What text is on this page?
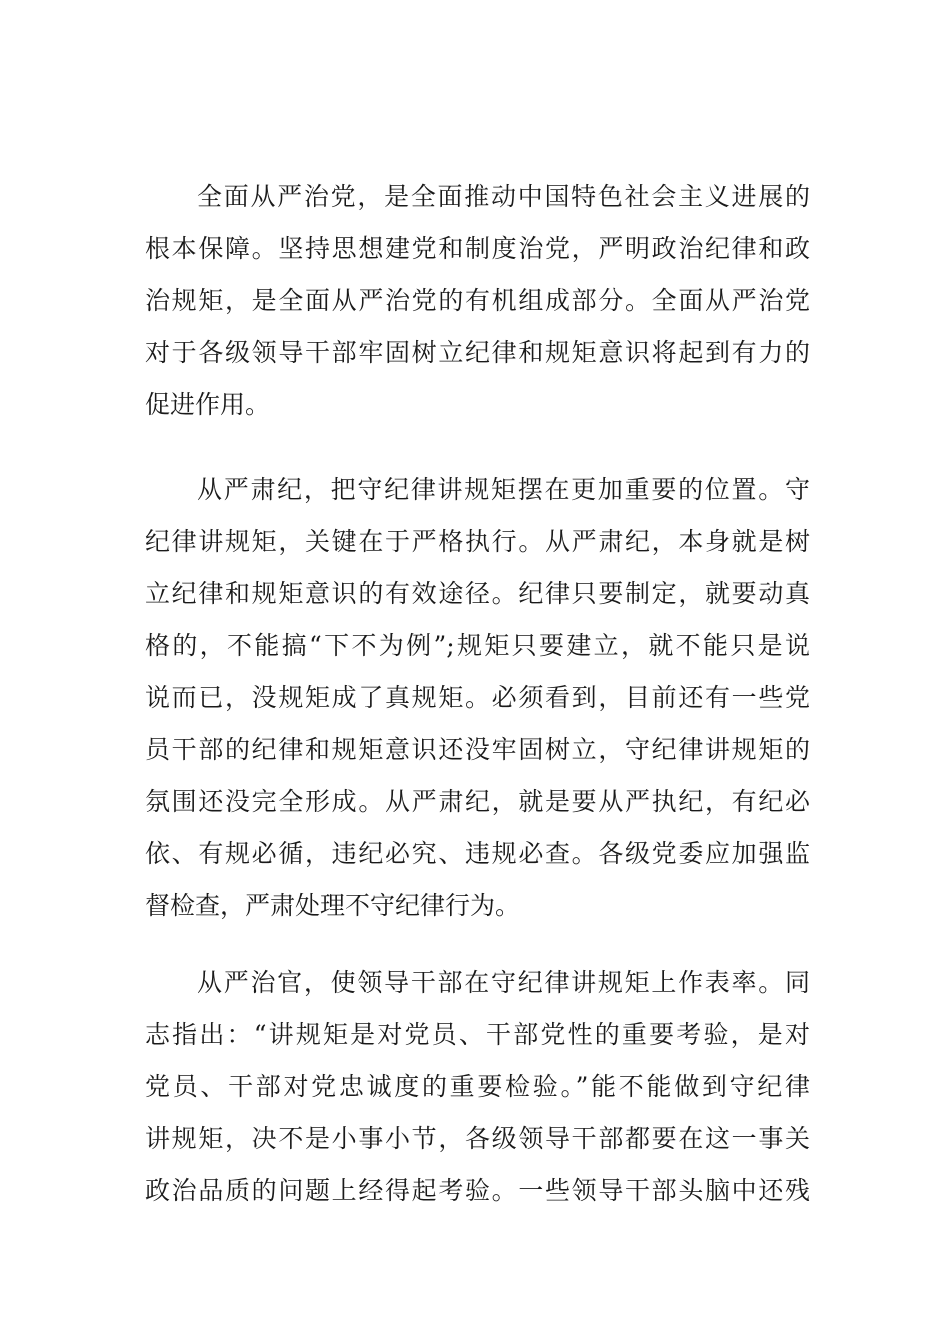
全面从严治党，是全面推动中国特色社会主义进展的
根本保障。坚持思想建党和制度治党，严明政治纪律和政
治规矩，是全面从严治党的有机组成部分。全面从严治党
对于各级领导干部牢固树立纪律和规矩意识将起到有力的
促进作用。
从严肃纪，把守纪律讲规矩摆在更加重要的位置。守
纪律讲规矩，关键在于严格执行。从严肃纪，本身就是树
立纪律和规矩意识的有效途径。纪律只要制定，就要动真
格的，不能搞“下不为例”;规矩只要建立，就不能只是说
说而已，没规矩成了真规矩。必须看到，目前还有一些党
员干部的纪律和规矩意识还没牢固树立，守纪律讲规矩的
氛围还没完全形成。从严肃纪，就是要从严执纪，有纪必
依、有规必循，违纪必究、违规必查。各级党委应加强监
督检查，严肃处理不守纪律行为。
从严治官，使领导干部在守纪律讲规矩上作表率。同
志指出：“讲规矩是对党员、干部党性的重要考验，是对
党员、干部对党忠诚度的重要检验。”能不能做到守纪律
讲规矩，决不是小事小节，各级领导干部都要在这一事关
政治品质的问题上经得起考验。一些领导干部头脑中还残
